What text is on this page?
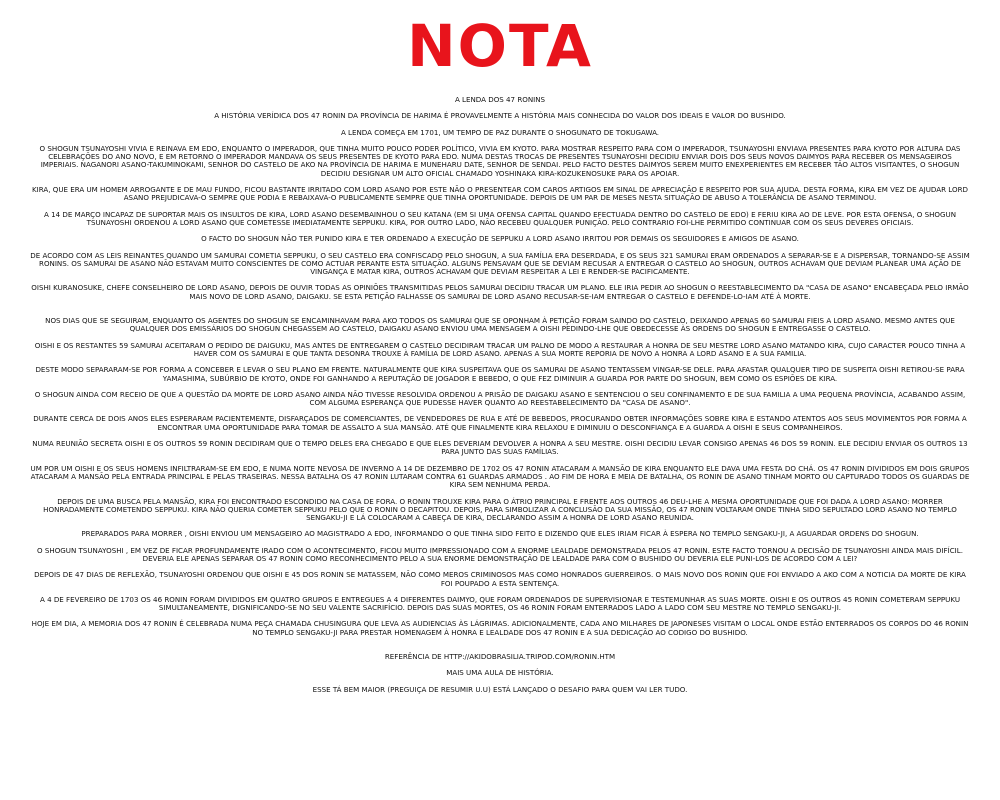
NOTA

A LENDA DOS 47 RONINS

A HISTÓRIA VERÍDICA DOS 47 RONIN DA PROVÍNCIA DE HARIMA É PROVAVELMENTE A HISTÓRIA MAIS CONHECIDA DO VALOR DOS IDEAIS E VALOR DO BUSHIDO.

A LENDA COMEÇA EM 1701, UM TEMPO DE PAZ DURANTE O SHOGUNATO DE TOKUGAWA.

O SHOGUN TSUNAYOSHI VIVIA E REINAVA EM EDO, ENQUANTO O IMPERADOR, QUE TINHA MUITO POUCO PODER POLÍTICO, VIVIA EM KYOTO. PARA MOSTRAR RESPEITO PARA COM O IMPERADOR, TSUNAYOSHI ENVIAVA PRESENTES PARA KYOTO POR ALTURA DAS CELEBRAÇÕES DO ANO NOVO, E EM RETORNO O IMPERADOR MANDAVA OS SEUS PRESENTES DE KYOTO PARA EDO. NUMA DESTAS TROCAS DE PRESENTES TSUNAYOSHI DECIDIU ENVIAR DOIS DOS SEUS NOVOS DAIMYOS PARA RECEBER OS MENSAGEIROS IMPERIAIS. NAGANORI ASANO-TAKUMINOKAMI, SENHOR DO CASTELO DE AKO NA PROVÍNCIA DE HARIMA E MUNEHARU DATE, SENHOR DE SENDAI. PELO FACTO DESTES DAIMYOS SEREM MUITO ENEXPERIENTES EM RECEBER TÃO ALTOS VISITANTES, O SHOGUN DECIDIU DESIGNAR UM ALTO OFICIAL CHAMADO YOSHINAKA KIRA-KOZUKENOSUKE PARA OS APOIAR.

KIRA, QUE ERA UM HOMEM ARROGANTE E DE MAU FUNDO, FICOU BASTANTE IRRITADO COM LORD ASANO POR ESTE NÃO O PRESENTEAR COM CAROS ARTIGOS EM SINAL DE APRECIAÇÃO E RESPEITO POR SUA AJUDA. DESTA FORMA, KIRA EM VEZ DE AJUDAR LORD ASANO PREJUDICAVA-O SEMPRE QUE PODIA E REBAIXAVA-O PUBLICAMENTE SEMPRE QUE TINHA OPORTUNIDADE. DEPOIS DE UM PAR DE MESES NESTA SITUAÇÃO DE ABUSO A TOLERÂNCIA DE ASANO TERMINOU.

A 14 DE MARÇO INCAPAZ DE SUPORTAR MAIS OS INSULTOS DE KIRA, LORD ASANO DESEMBAINHOU O SEU KATANA (EM SI UMA OFENSA CAPITAL QUANDO EFECTUADA DENTRO DO CASTELO DE EDO) E FERIU KIRA AO DE LEVE. POR ESTA OFENSA, O SHOGUN TSUNAYOSHI ORDENOU A LORD ASANO QUE COMETESSE IMEDIATAMENTE SEPPUKU. KIRA, POR OUTRO LADO, NÃO RECEBEU QUALQUER PUNIÇÃO. PELO CONTRARIO FOI-LHE PERMITIDO CONTINUAR COM OS SEUS DEVERES OFICIAIS.

O FACTO DO SHOGUN NÃO TER PUNIDO KIRA E TER ORDENADO A EXECUÇÃO DE SEPPUKU A LORD ASANO IRRITOU POR DEMAIS OS SEGUIDORES E AMIGOS DE ASANO.

DE ACORDO COM AS LEIS REINANTES QUANDO UM SAMURAI COMETIA SEPPUKU, O SEU CASTELO ERA CONFISCADO PELO SHOGUN, A SUA FAMÍLIA ERA DESERDADA, E OS SEUS 321 SAMURAI ERAM ORDENADOS A SEPARAR-SE E A DISPERSAR, TORNANDO-SE ASSIM RONINS. OS SAMURAI DE ASANO NÃO ESTAVAM MUITO CONSCIENTES DE COMO ACTUAR PERANTE ESTA SITUAÇÃO. ALGUNS PENSAVAM QUE SE DEVIAM RECUSAR A ENTREGAR O CASTELO AO SHOGUN, OUTROS ACHAVAM QUE DEVIAM PLANEAR UMA AÇÃO DE VINGANÇA E MATAR KIRA, OUTROS ACHAVAM QUE DEVIAM RESPEITAR A LEI E RENDER-SE PACIFICAMENTE.

OISHI KURANOSUKE, CHEFE CONSELHEIRO DE LORD ASANO, DEPOIS DE OUVIR TODAS AS OPINIÕES TRANSMITIDAS PELOS SAMURAI DECIDIU TRACAR UM PLANO. ELE IRIA PEDIR AO SHOGUN O REESTABLECIMENTO DA "CASA DE ASANO" ENCABEÇADA PELO IRMÃO MAIS NOVO DE LORD ASANO, DAIGAKU. SE ESTA PETIÇÃO FALHASSE OS SAMURAI DE LORD ASANO RECUSAR-SE-IAM ENTREGAR O CASTELO E DEFENDE-LO-IAM ATÉ À MORTE.

NOS DIAS QUE SE SEGUIRAM, ENQUANTO OS AGENTES DO SHOGUN SE ENCAMINHAVAM PARA AKO TODOS OS SAMURAI QUE SE OPONHAM À PETIÇÃO FORAM SAINDO DO CASTELO, DEIXANDO APENAS 60 SAMURAI FIEIS A LORD ASANO. MESMO ANTES QUE QUALQUER DOS EMISSÁRIOS DO SHOGUN CHEGASSEM AO CASTELO, DAIGAKU ASANO ENVIOU UMA MENSAGEM A OISHI PEDINDO-LHE QUE OBEDECESSE ÀS ORDENS DO SHOGUN E ENTREGASSE O CASTELO.

OISHI E OS RESTANTES 59 SAMURAI ACEITARAM O PEDIDO DE DAIGUKU, MAS ANTES DE ENTREGAREM O CASTELO DECIDIRAM TRACAR UM PALNO DE MODO A RESTAURAR A HONRA DE SEU MESTRE LORD ASANO MATANDO KIRA, CUJO CARACTER POUCO TINHA A HAVER COM OS SAMURAI E QUE TANTA DESONRA TROUXE À FAMÍLIA DE LORD ASANO. APENAS A SUA MORTE REPORIA DE NOVO A HONRA A LORD ASANO E A SUA FAMILIA.

DESTE MODO SEPARARAM-SE POR FORMA A CONCEBER E LEVAR O SEU PLANO EM FRENTE. NATURALMENTE QUE KIRA SUSPEITAVA QUE OS SAMURAI DE ASANO TENTASSEM VINGAR-SE DELE. PARA AFASTAR QUALQUER TIPO DE SUSPEITA OISHI RETIROU-SE PARA YAMASHIMA, SUBÚRBIO DE KYOTO, ONDE FOI GANHANDO A REPUTAÇÃO DE JOGADOR E BEBEDO, O QUE FEZ DIMINUIR A GUARDA POR PARTE DO SHOGUN, BEM COMO OS ESPIÕES DE KIRA.

O SHOGUN AINDA COM RECEIO DE QUE A QUESTÃO DA MORTE DE LORD ASANO AINDA NÃO TIVESSE RESOLVIDA ORDENOU A PRISÃO DE DAIGAKU ASANO E SENTENCIOU O SEU CONFINAMENTO E DE SUA FAMILIA A UMA PEQUENA PROVÍNCIA, ACABANDO ASSIM, COM ALGUMA ESPERANÇA QUE PUDESSE HAVER QUANTO AO REESTABELECIMENTO DA "CASA DE ASANO".

DURANTE CERCA DE DOIS ANOS ELES ESPERARAM PACIENTEMENTE, DISFARÇADOS DE COMERCIANTES, DE VENDEDORES DE RUA E ATÉ DE BEBEDOS, PROCURANDO OBTER INFORMAÇÕES SOBRE KIRA E ESTANDO ATENTOS AOS SEUS MOVIMENTOS POR FORMA A ENCONTRAR UMA OPORTUNIDADE PARA TOMAR DE ASSALTO A SUA MANSÃO. ATÉ QUE FINALMENTE KIRA RELAXOU E DIMINUIU O DESCONFIANÇA E A GUARDA A OISHI E SEUS COMPANHEIROS.

NUMA REUNIÃO SECRETA OISHI E OS OUTROS 59 RONIN DECIDIRAM QUE O TEMPO DELES ERA CHEGADO E QUE ELES DEVERIAM DEVOLVER A HONRA A SEU MESTRE. OISHI DECIDIU LEVAR CONSIGO APENAS 46 DOS 59 RONIN. ELE DECIDIU ENVIAR OS OUTROS 13 PARA JUNTO DAS SUAS FAMÍLIAS.

UM POR UM OISHI E OS SEUS HOMENS INFILTRARAM-SE EM EDO, E NUMA NOITE NEVOSA DE INVERNO A 14 DE DEZEMBRO DE 1702 OS 47 RONIN ATACARAM A MANSÃO DE KIRA ENQUANTO ELE DAVA UMA FESTA DO CHÁ. OS 47 RONIN DIVIDIDOS EM DOIS GRUPOS ATACARAM A MANSÃO PELA ENTRADA PRINCIPAL E PELAS TRASEIRAS. NESSA BATALHA OS 47 RONIN LUTARAM CONTRA 61 GUARDAS ARMADOS . AO FIM DE HORA E MEIA DE BATALHA, OS RONIN DE ASANO TINHAM MORTO OU CAPTURADO TODOS OS GUARDAS DE KIRA SEM NENHUMA PERDA.

DEPOIS DE UMA BUSCA PELA MANSÃO, KIRA FOI ENCONTRADO ESCONDIDO NA CASA DE FORA. O RONIN TROUXE KIRA PARA O ÁTRIO PRINCIPAL E FRENTE AOS OUTROS 46 DEU-LHE A MESMA OPORTUNIDADE QUE FOI DADA A LORD ASANO: MORRER HONRADAMENTE COMETENDO SEPPUKU. KIRA NÃO QUERIA COMETER SEPPUKU PELO QUE O RONIN O DECAPITOU. DEPOIS, PARA SIMBOLIZAR A CONCLUSÃO DA SUA MISSÃO, OS 47 RONIN VOLTARAM ONDE TINHA SIDO SEPULTADO LORD ASANO NO TEMPLO SENGAKU-JI E LÁ COLOCARAM A CABEÇA DE KIRA, DECLARANDO ASSIM A HONRA DE LORD ASANO REUNIDA.

PREPARADOS PARA MORRER , OISHI ENVIOU UM MENSAGEIRO AO MAGISTRADO A EDO, INFORMANDO O QUE TINHA SIDO FEITO E DIZENDO QUE ELES IRIAM FICAR À ESPERA NO TEMPLO SENGAKU-JI, A AGUARDAR ORDENS DO SHOGUN.

O SHOGUN TSUNAYOSHI , EM VEZ DE FICAR PROFUNDAMENTE IRADO COM O ACONTECIMENTO, FICOU MUITO IMPRESSIONADO COM A ENORME LEALDADE DEMONSTRADA PELOS 47 RONIN. ESTE FACTO TORNOU A DECISÃO DE TSUNAYOSHI AINDA MAIS DIFÍCIL. DEVERIA ELE APENAS SEPARAR OS 47 RONIN COMO RECONHECIMENTO PELO A SUA ENORME DEMONSTRAÇÃO DE LEALDADE PARA COM O BUSHIDO OU DEVERIA ELE PUNI-LOS DE ACORDO COM A LEI?

DEPOIS DE 47 DIAS DE REFLEXÃO, TSUNAYOSHI ORDENOU QUE OISHI E 45 DOS RONIN SE MATASSEM, NÃO COMO MEROS CRIMINOSOS MAS COMO HONRADOS GUERREIROS. O MAIS NOVO DOS RONIN QUE FOI ENVIADO A AKO COM A NOTICIA DA MORTE DE KIRA FOI POUPADO A ESTA SENTENÇA.

A 4 DE FEVEREIRO DE 1703 OS 46 RONIN FORAM DIVIDIDOS EM QUATRO GRUPOS E ENTREGUES A 4 DIFERENTES DAIMYO, QUE FORAM ORDENADOS DE SUPERVISIONAR E TESTEMUNHAR AS SUAS MORTE. OISHI E OS OUTROS 45 RONIN COMETERAM SEPPUKU SIMULTANEAMENTE, DIGNIFICANDO-SE NO SEU VALENTE SACRIFÍCIO. DEPOIS DAS SUAS MORTES, OS 46 RONIN FORAM ENTERRADOS LADO A LADO COM SEU MESTRE NO TEMPLO SENGAKU-JI.

HOJE EM DIA, A MEMORIA DOS 47 RONIN É CELEBRADA NUMA PEÇA CHAMADA CHUSINGURA QUE LEVA AS AUDIENCIAS ÀS LÁGRIMAS. ADICIONALMENTE, CADA ANO MILHARES DE JAPONESES VISITAM O LOCAL ONDE ESTÃO ENTERRADOS OS CORPOS DO 46 RONIN NO TEMPLO SENGAKU-JI PARA PRESTAR HOMENAGEM À HONRA E LEALDADE DOS 47 RONIN E A SUA DEDICAÇÃO AO CODIGO DO BUSHIDO.

REFERÊNCIA DE HTTP://AKIDOBRASILIA.TRIPOD.COM/RONIN.HTM

MAIS UMA AULA DE HISTÓRIA.

ESSE TÁ BEM MAIOR (PREGUIÇA DE RESUMIR U.U) ESTÁ LANÇADO O DESAFIO PARA QUEM VAI LER TUDO.
